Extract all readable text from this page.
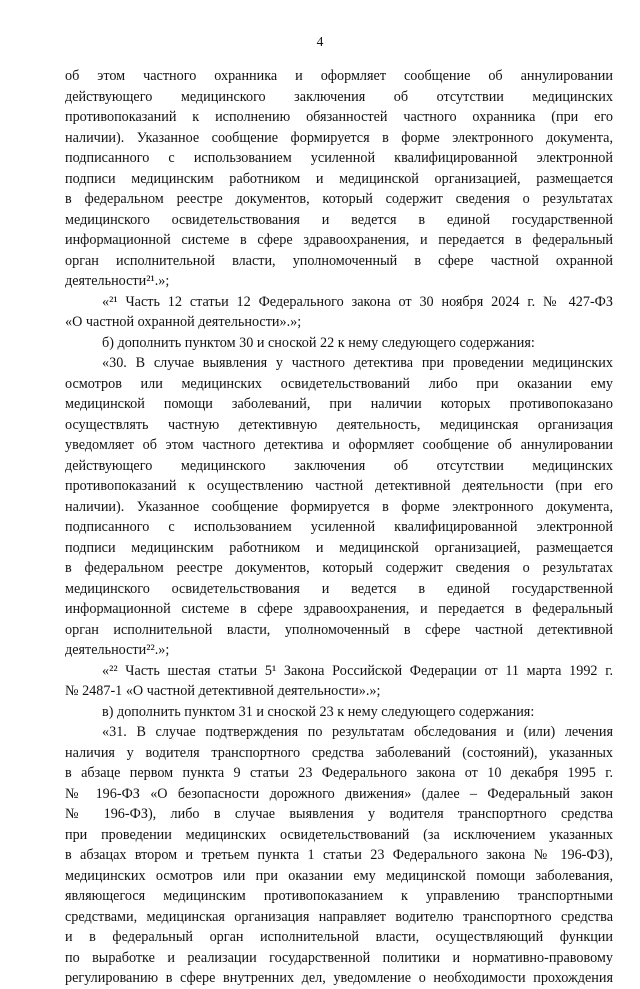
4
об этом частного охранника и оформляет сообщение об аннулировании
действующего медицинского заключения об отсутствии медицинских
противопоказаний к исполнению обязанностей частного охранника (при его
наличии). Указанное сообщение формируется в форме электронного документа,
подписанного с использованием усиленной квалифицированной электронной
подписи медицинским работником и медицинской организацией, размещается
в федеральном реестре документов, который содержит сведения о результатах
медицинского освидетельствования и ведется в единой государственной
информационной системе в сфере здравоохранения, и передается в федеральный
орган исполнительной власти, уполномоченный в сфере частной охранной
деятельности²¹.»;
«²¹ Часть 12 статьи 12 Федерального закона от 30 ноября 2024 г. № 427-ФЗ
«О частной охранной деятельности».»;
б) дополнить пунктом 30 и сноской 22 к нему следующего содержания:
«30. В случае выявления у частного детектива при проведении медицинских
осмотров или медицинских освидетельствований либо при оказании ему
медицинской помощи заболеваний, при наличии которых противопоказано
осуществлять частную детективную деятельность, медицинская организация
уведомляет об этом частного детектива и оформляет сообщение об аннулировании
действующего медицинского заключения об отсутствии медицинских
противопоказаний к осуществлению частной детективной деятельности (при его
наличии). Указанное сообщение формируется в форме электронного документа,
подписанного с использованием усиленной квалифицированной электронной
подписи медицинским работником и медицинской организацией, размещается
в федеральном реестре документов, который содержит сведения о результатах
медицинского освидетельствования и ведется в единой государственной
информационной системе в сфере здравоохранения, и передается в федеральный
орган исполнительной власти, уполномоченный в сфере частной детективной
деятельности²².»;
«²² Часть шестая статьи 5¹ Закона Российской Федерации от 11 марта 1992 г.
№ 2487-1 «О частной детективной деятельности».»;
в) дополнить пунктом 31 и сноской 23 к нему следующего содержания:
«31. В случае подтверждения по результатам обследования и (или) лечения
наличия у водителя транспортного средства заболеваний (состояний), указанных
в абзаце первом пункта 9 статьи 23 Федерального закона от 10 декабря 1995 г.
№ 196-ФЗ «О безопасности дорожного движения» (далее – Федеральный закон
№ 196-ФЗ), либо в случае выявления у водителя транспортного средства
при проведении медицинских освидетельствований (за исключением указанных
в абзацах втором и третьем пункта 1 статьи 23 Федерального закона № 196-ФЗ),
медицинских осмотров или при оказании ему медицинской помощи заболевания,
являющегося медицинским противопоказанием к управлению транспортными
средствами, медицинская организация направляет водителю транспортного средства
и в федеральный орган исполнительной власти, осуществляющий функции
по выработке и реализации государственной политики и нормативно-правовому
регулированию в сфере внутренних дел, уведомление о необходимости прохождения
